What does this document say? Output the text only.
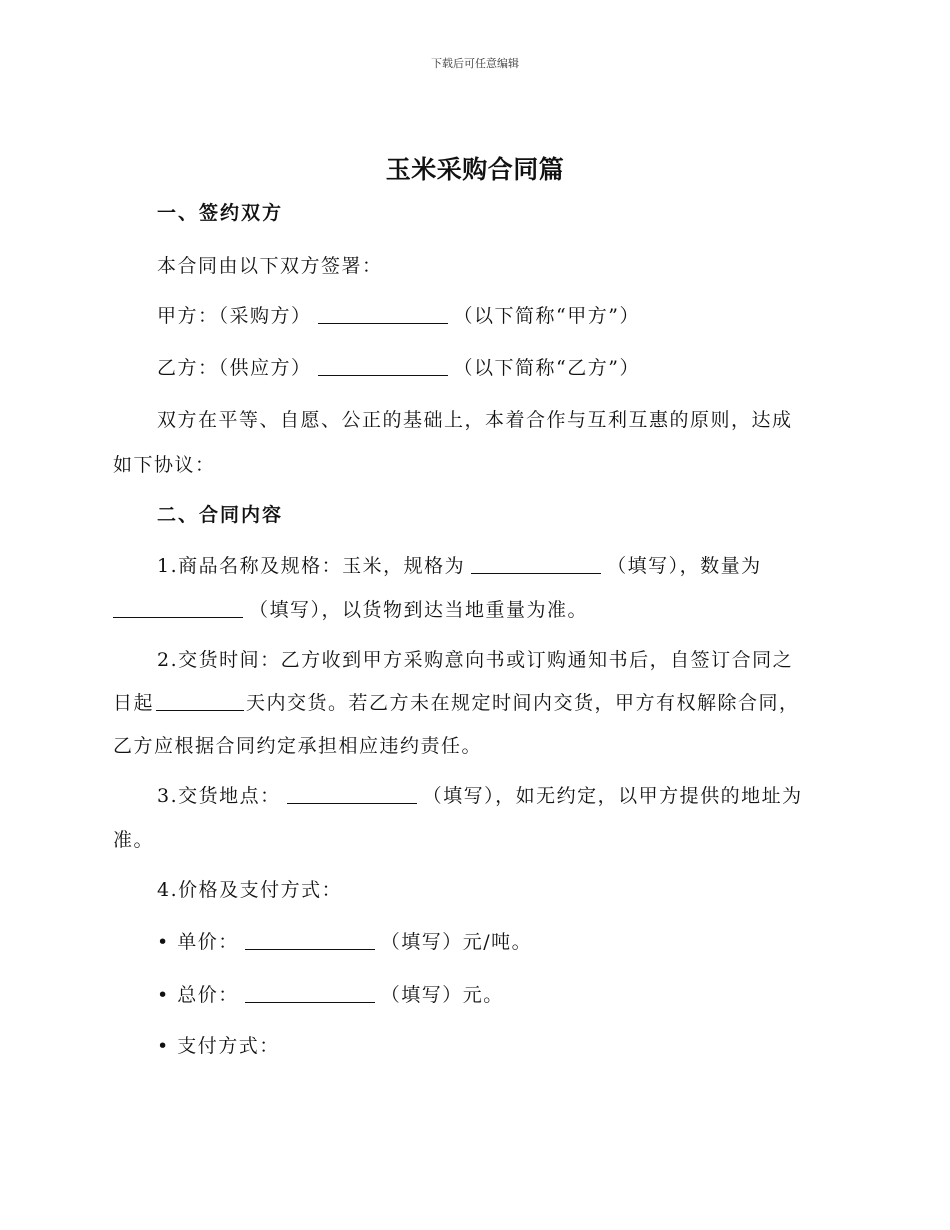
下载后可任意编辑
玉米采购合同篇
一、签约双方
本合同由以下双方签署：
甲方：（采购方）	（以下简称“甲方”）
乙方：（供应方）	（以下简称“乙方”）
双方在平等、自愿、公正的基础上，本着合作与互利互惠的原则，达成
如下协议：
二、合同内容
1.商品名称及规格：玉米，规格为	（填写），数量为
（填写），以货物到达当地重量为准。
2.交货时间：乙方收到甲方采购意向书或订购通知书后，自签订合同之
日起	天内交货。若乙方未在规定时间内交货，甲方有权解除合同，
乙方应根据合同约定承担相应违约责任。
3.交货地点：	（填写），如无约定，以甲方提供的地址为
准。
4.价格及支付方式：
• 单价：	（填写）元/吨。
• 总价：	（填写）元。
• 支付方式：
